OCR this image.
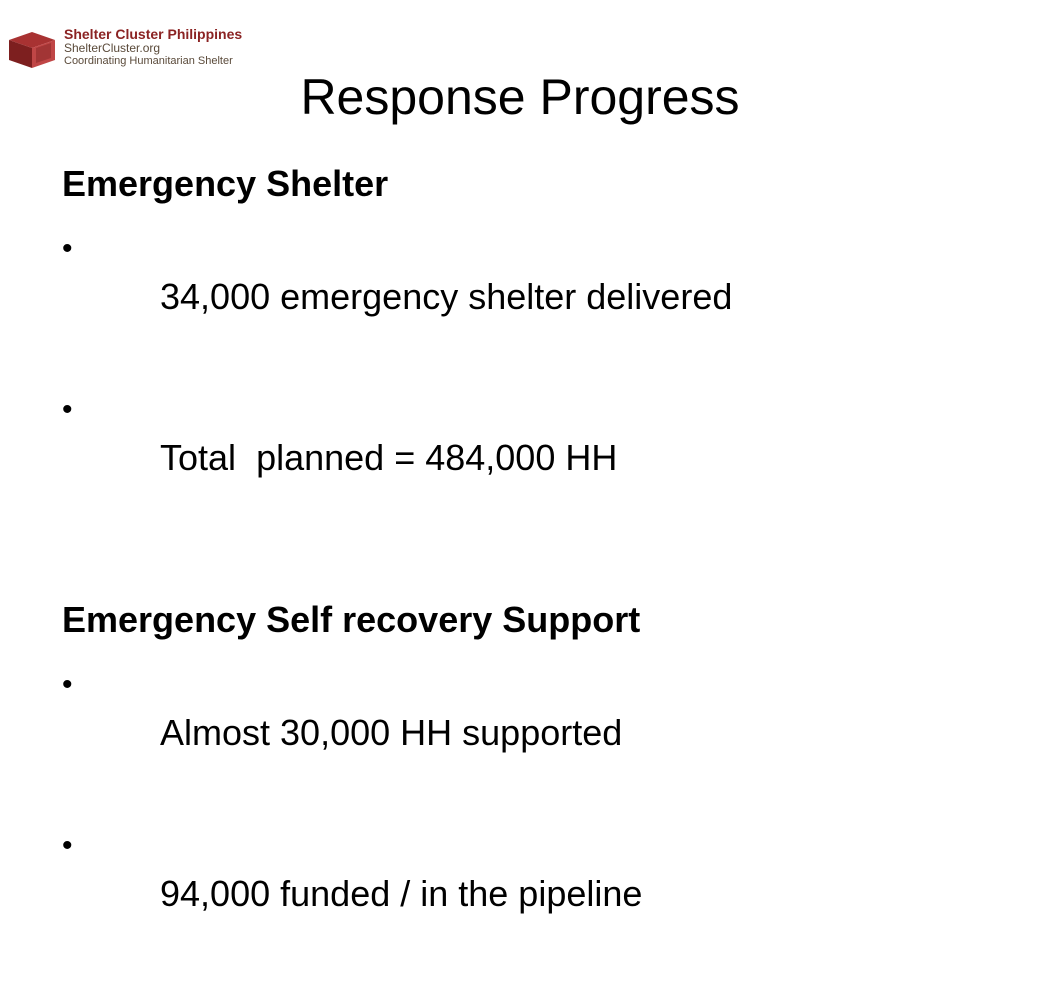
Shelter Cluster Philippines
ShelterCluster.org
Coordinating Humanitarian Shelter
Response Progress
Emergency Shelter

•
34,000 emergency shelter delivered

•
Total  planned = 484,000 HH

Emergency Self recovery Support

•
Almost 30,000 HH supported

•
94,000 funded / in the pipeline
